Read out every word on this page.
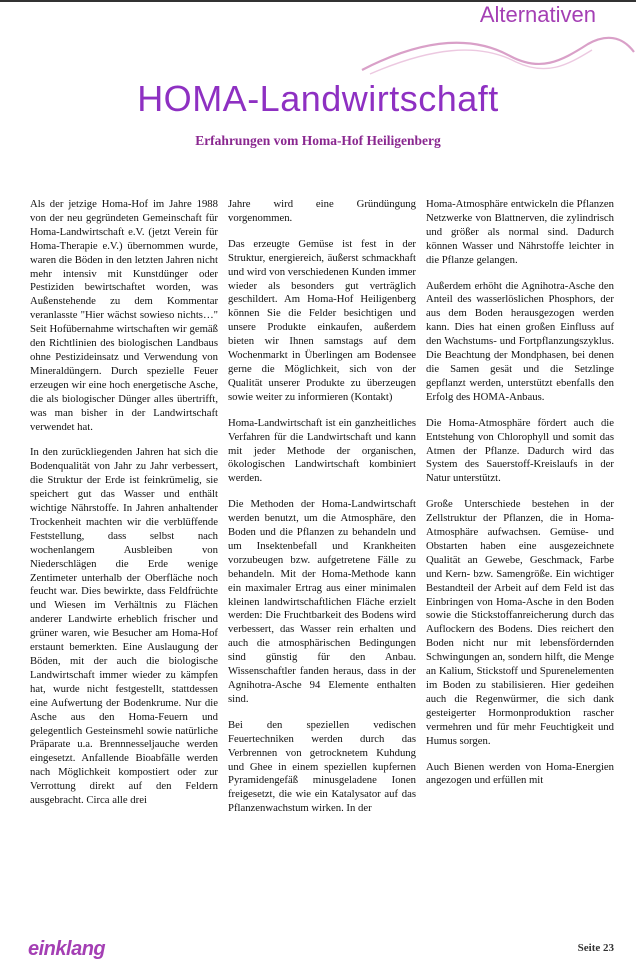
Alternativen
HOMA-Landwirtschaft
Erfahrungen vom Homa-Hof Heiligenberg

Als der jetzige Homa-Hof im Jahre 1988 von der neu gegründeten Gemeinschaft für Homa-Landwirtschaft e.V. (jetzt Verein für Homa-Therapie e.V.) übernommen wurde, waren die Böden in den letzten Jahren nicht mehr intensiv mit Kunstdünger oder Pestiziden bewirtschaftet worden, was Außenstehende zu dem Kommentar veranlasste "Hier wächst sowieso nichts…" Seit Hofübernahme wirtschaften wir gemäß den Richtlinien des biologischen Landbaus ohne Pestizideinsatz und Verwendung von Mineraldüngern. Durch spezielle Feuer erzeugen wir eine hoch energetische Asche, die als biologischer Dünger alles übertrifft, was man bisher in der Landwirtschaft verwendet hat.

In den zurückliegenden Jahren hat sich die Bodenqualität von Jahr zu Jahr verbessert, die Struktur der Erde ist feinkrümelig, sie speichert gut das Wasser und enthält wichtige Nährstoffe. In Jahren anhaltender Trockenheit machten wir die verblüffende Feststellung, dass selbst nach wochenlangem Ausbleiben von Niederschlägen die Erde wenige Zentimeter unterhalb der Oberfläche noch feucht war. Dies bewirkte, dass Feldfrüchte und Wiesen im Verhältnis zu Flächen anderer Landwirte erheblich frischer und grüner waren, wie Besucher am Homa-Hof erstaunt bemerkten. Eine Auslaugung der Böden, mit der auch die biologische Landwirtschaft immer wieder zu kämpfen hat, wurde nicht festgestellt, stattdessen eine Aufwertung der Bodenkrume. Nur die Asche aus den Homa-Feuern und gelegentlich Gesteinsmehl sowie natürliche Präparate u.a. Brennnesseljauche werden eingesetzt. Anfallende Bioabfälle werden nach Möglichkeit kompostiert oder zur Verrottung direkt auf den Feldern ausgebracht. Circa alle drei

Jahre wird eine Gründüngung vorgenommen.

Das erzeugte Gemüse ist fest in der Struktur, energiereich, äußerst schmackhaft und wird von verschiedenen Kunden immer wieder als besonders gut verträglich geschildert. Am Homa-Hof Heiligenberg können Sie die Felder besichtigen und unsere Produkte einkaufen, außerdem bieten wir Ihnen samstags auf dem Wochenmarkt in Überlingen am Bodensee gerne die Möglichkeit, sich von der Qualität unserer Produkte zu überzeugen sowie weiter zu informieren (Kontakt)

Homa-Landwirtschaft ist ein ganzheitliches Verfahren für die Landwirtschaft und kann mit jeder Methode der organischen, ökologischen Landwirtschaft kombiniert werden.

Die Methoden der Homa-Landwirtschaft werden benutzt, um die Atmosphäre, den Boden und die Pflanzen zu behandeln und um Insektenbefall und Krankheiten vorzubeugen bzw. aufgetretene Fälle zu behandeln. Mit der Homa-Methode kann ein maximaler Ertrag aus einer minimalen kleinen landwirtschaftlichen Fläche erzielt werden: Die Fruchtbarkeit des Bodens wird verbessert, das Wasser rein erhalten und auch die atmosphärischen Bedingungen sind günstig für den Anbau. Wissenschaftler fanden heraus, dass in der Agnihotra-Asche 94 Elemente enthalten sind.

Bei den speziellen vedischen Feuertechniken werden durch das Verbrennen von getrocknetem Kuhdung und Ghee in einem speziellen kupfernen Pyramidengefäß minusgeladene Ionen freigesetzt, die wie ein Katalysator auf das Pflanzenwachstum wirken. In der

Homa-Atmosphäre entwickeln die Pflanzen Netzwerke von Blattnerven, die zylindrisch und größer als normal sind. Dadurch können Wasser und Nährstoffe leichter in die Pflanze gelangen.

Außerdem erhöht die Agnihotra-Asche den Anteil des wasserlöslichen Phosphors, der aus dem Boden herausgezogen werden kann. Dies hat einen großen Einfluss auf den Wachstums- und Fortpflanzungszyklus. Die Beachtung der Mondphasen, bei denen die Samen gesät und die Setzlinge gepflanzt werden, unterstützt ebenfalls den Erfolg des HOMA-Anbaus.

Die Homa-Atmosphäre fördert auch die Entstehung von Chlorophyll und somit das Atmen der Pflanze. Dadurch wird das System des Sauerstoff-Kreislaufs in der Natur unterstützt.

Große Unterschiede bestehen in der Zellstruktur der Pflanzen, die in Homa-Atmosphäre aufwachsen. Gemüse- und Obstarten haben eine ausgezeichnete Qualität an Gewebe, Geschmack, Farbe und Kern- bzw. Samengröße. Ein wichtiger Bestandteil der Arbeit auf dem Feld ist das Einbringen von Homa-Asche in den Boden sowie die Stickstoffanreicherung durch das Auflockern des Bodens. Dies reichert den Boden nicht nur mit lebensfördernden Schwingungen an, sondern hilft, die Menge an Kalium, Stickstoff und Spurenelementen im Boden zu stabilisieren. Hier gedeihen auch die Regenwürmer, die sich dank gesteigerter Hormonproduktion rascher vermehren und für mehr Feuchtigkeit und Humus sorgen.

Auch Bienen werden von Homa-Energien angezogen und erfüllen mit

einklang	Seite 23
